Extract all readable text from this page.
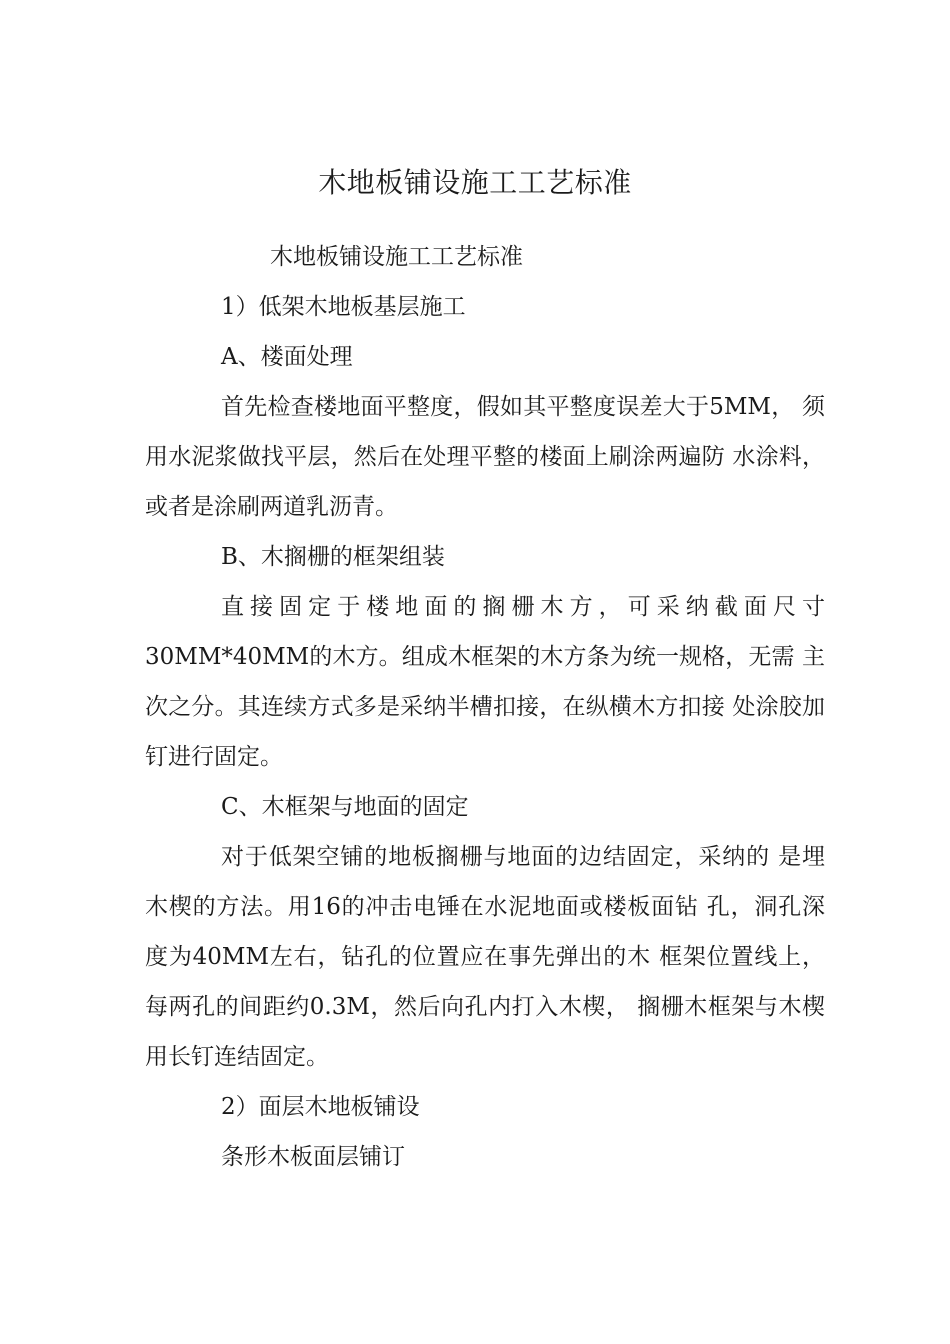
木地板铺设施工工艺标准

木地板铺设施工工艺标准

1）低架木地板基层施工

A、楼面处理

首先检查楼地面平整度，假如其平整度误差大于5MM， 须用水泥浆做找平层，然后在处理平整的楼面上刷涂两遍防 水涂料，或者是涂刷两道乳沥青。

B、木搁栅的框架组装

直接固定于楼地面的搁栅木方，可采纳截面尺寸30MM*40MM的木方。组成木框架的木方条为统一规格，无需 主次之分。其连续方式多是采纳半槽扣接，在纵横木方扣接 处涂胶加钉进行固定。

C、木框架与地面的固定

对于低架空铺的地板搁栅与地面的边结固定，采纳的 是埋木楔的方法。用16的冲击电锤在水泥地面或楼板面钻 孔，洞孔深度为40MM左右，钻孔的位置应在事先弹出的木 框架位置线上，每两孔的间距约0.3M，然后向孔内打入木楔， 搁栅木框架与木楔用长钉连结固定。

2）面层木地板铺设

条形木板面层铺订
